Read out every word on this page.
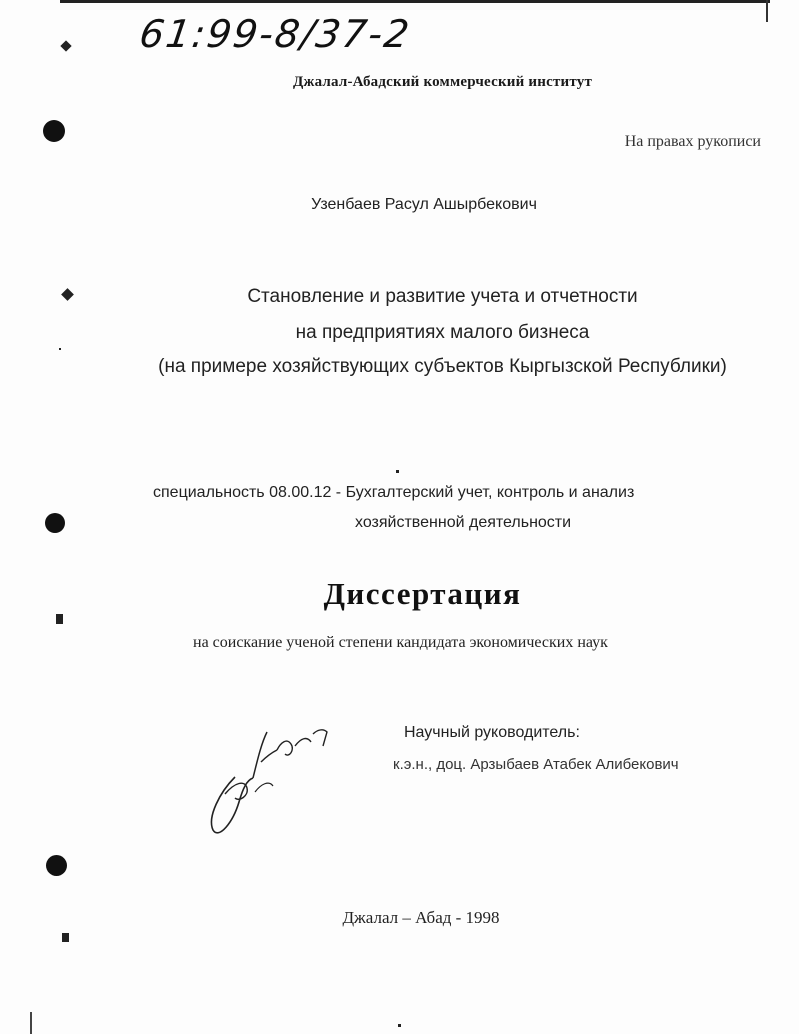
61:99-8/37-2
Джалал-Абадский коммерческий институт
На правах рукописи
Узенбаев Расул Ашырбекович
Становление и развитие учета и отчетности
на предприятиях малого бизнеса
(на примере хозяйствующих субъектов Кыргызской Республики)
специальность 08.00.12 - Бухгалтерский учет, контроль и анализ
хозяйственной деятельности
Диссертация
на соискание ученой степени кандидата экономических наук
Научный руководитель:
к.э.н., доц. Арзыбаев Атабек Алибекович
Джалал – Абад - 1998
